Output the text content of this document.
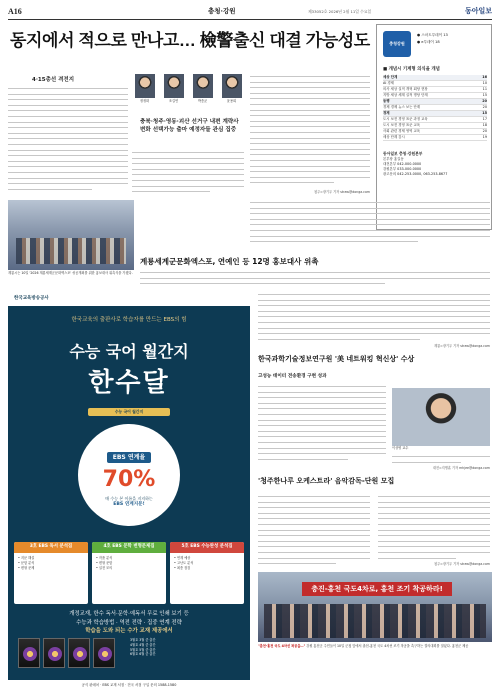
A16	충청·강원	제33052호 2026년 2월 11일 수요일	동아일보
동지에서 적으로 만나고… 檢警출신 대결 가능성도
4·15총선 격전지
정정화	조길연	박종균	윤용희
충북·청주·영동·괴산 선거구 내편 계략사 변화 선택가능 출마 예정자들 관심 집중
청주=장기우 기자 straw@donga.com
충청강원
● 스마트투데이 13
● e투데이 18
■ 개념시 기계형 의식을 개념
세상 단계	16
AI 경제	10
의사 세상 실적 개혁 회당 현장	11
지방 세상 세계 실적 명당 단계	15
동행	20
경제 경제 뉴스 보는 단계	20
경제	15
도시 보전 경영 표준 과정 교육	17
도시 보전 경영 표준 교육	18
사회 관련 경제 영역 교육	20
세상 단계 감시	19
동아일보 충청·강원본부
본부장 홍길동
대전본부 042-000-0000
강원본부 033-000-0000
광고문의 042-253-0000, 063-253-8677
계룡세계군문화엑스포, 연예인 등 12명 홍보대사 위촉
계룡시는 10일 '2026 계룡세계군문화엑스포' 성공개최를 위한 홍보대사 위촉식을 가졌다.
한국교육방송공사
한국교육의 출판사로 학습자를 만드는 EBS의 힘
수능 국어 월간지
한수달
수능 국어 월간지
EBS 연계율
70%
매 수능 본 이름을 지지하는
EBS 연계지문!
3호 EBS 독서 분석집
• 지문 해설
• 문항 분석
• 변형 문제
4호 EBS 문학 변형문제집
• 작품 분석
• 변형 문항
• 실전 모의
5호 EBS 수능완성 분석집
• 연계 예상
• 고난도 분석
• 최종 점검
개정교재, 한수 독서·문학·예독서 무료 인쇄 보기 등
수능과 학습방법 · 역전 전략 · 집중 연계 전략
학습을 도와 되는 수가 교재 제공에서
3월호 3월 중 출간
4월호 4월 중 출간
5월호 5월 중 출간
6월호 6월 중 출간
공식 판매처 · EBS 교재 서점 · 전국 서점 구입 문의 1588-1580
계룡=장기우 기자 straw@donga.com
한국과학기술정보연구원 '美 네트워킹 혁신상' 수상
고성능 데이터 전송환경 구현 성과
이상영 교수
대전=지명훈 기자 mhjee@donga.com
'청주한나루 오케스트라' 음악감독-단원 모집
청주=장기우 기자 straw@donga.com
충진-홍천 국도4차로, 홍천 조기 착공하라!
"춘천-홍천 국도 4차선 착공을…" 강원 홍천군 주민들이 10일 군청 앞에서 춘천-홍천 국도 4차선 조기 착공을 촉구하는 결의대회를 열었다. 홍천군 제공
